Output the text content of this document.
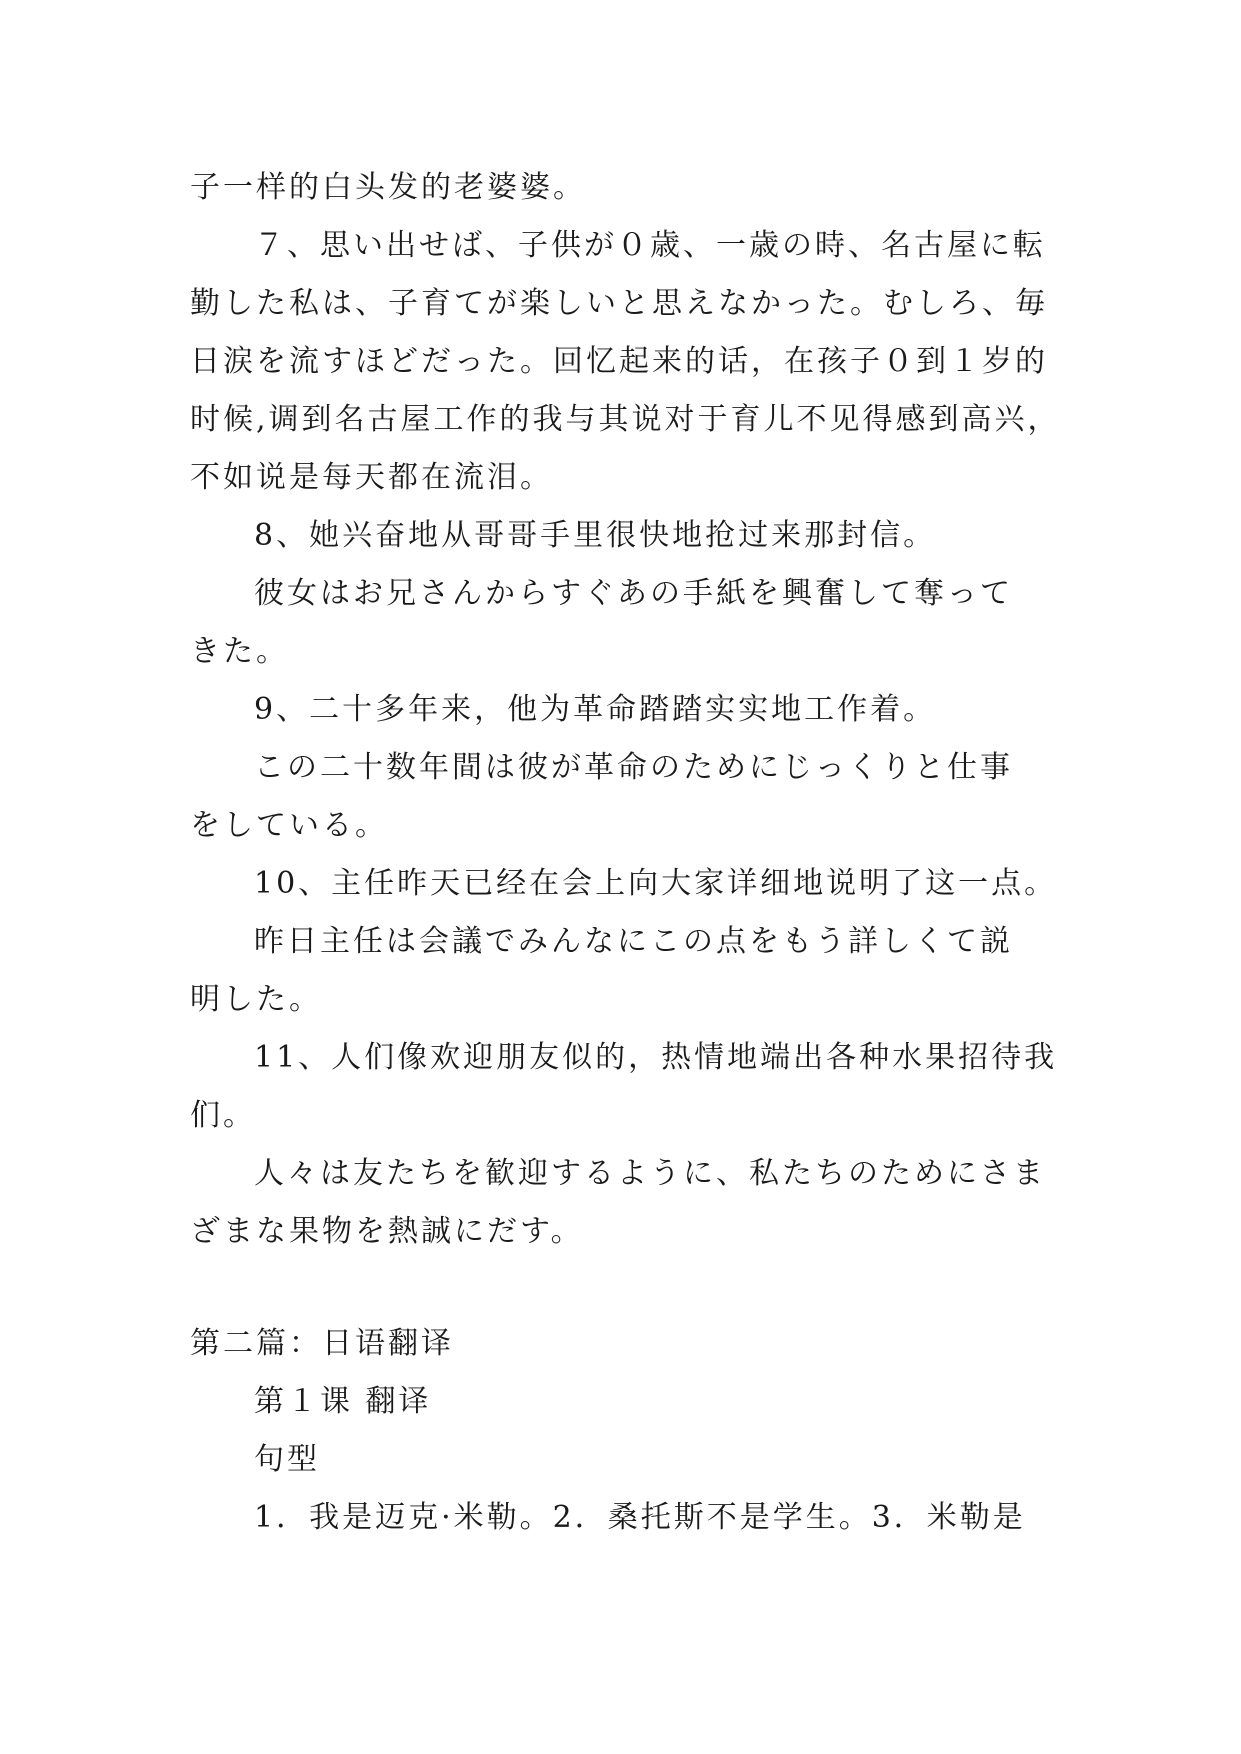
子一样的白头发的老婆婆。
７、思い出せば、子供が０歳、一歳の時、名古屋に転
勤した私は、子育てが楽しいと思えなかった。むしろ、毎
日涙を流すほどだった。回忆起来的话，在孩子０到１岁的
时候,调到名古屋工作的我与其说对于育儿不见得感到高兴，
不如说是每天都在流泪。
8、她兴奋地从哥哥手里很快地抢过来那封信。
彼女はお兄さんからすぐあの手紙を興奮して奪って
きた。
9、二十多年来，他为革命踏踏实实地工作着。
この二十数年間は彼が革命のためにじっくりと仕事
をしている。
10、主任昨天已经在会上向大家详细地说明了这一点。
昨日主任は会議でみんなにこの点をもう詳しくて説
明した。
11、人们像欢迎朋友似的，热情地端出各种水果招待我
们。
人々は友たちを歓迎するように、私たちのためにさま
ざまな果物を熱誠にだす。
第二篇：日语翻译
第１课 翻译
句型
1．我是迈克·米勒。2．桑托斯不是学生。3．米勒是
